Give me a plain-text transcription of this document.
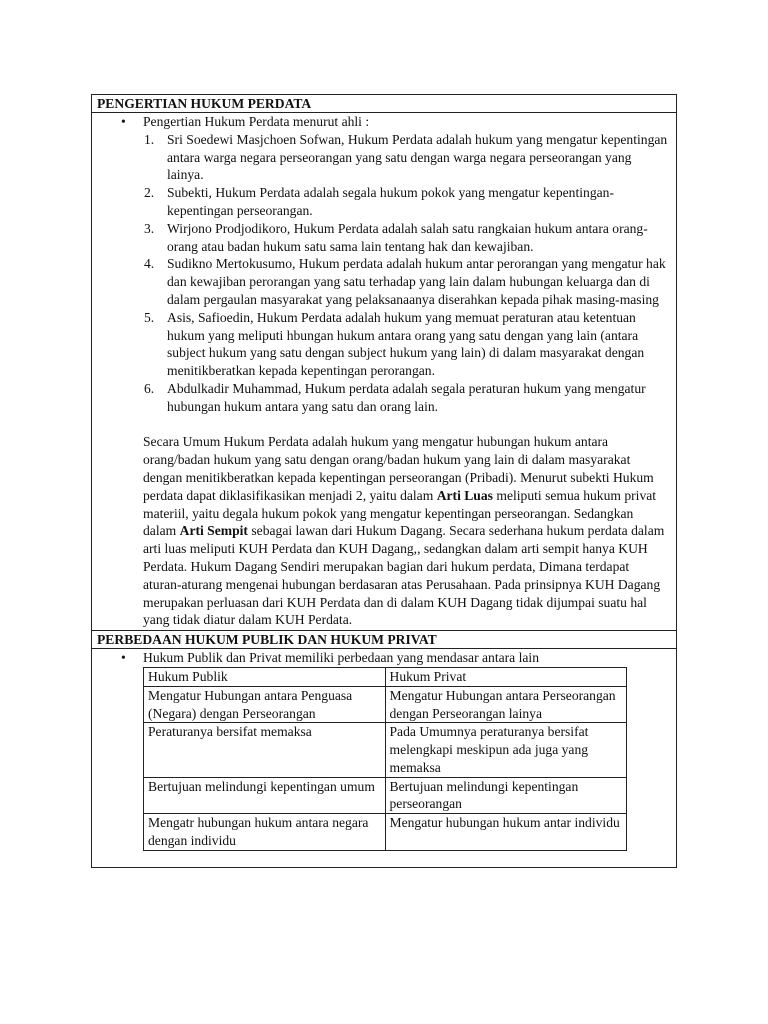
PENGERTIAN HUKUM PERDATA
• Pengertian Hukum Perdata menurut ahli :
1. Sri Soedewi Masjchoen Sofwan, Hukum Perdata adalah hukum yang mengatur kepentingan antara warga negara perseorangan yang satu dengan warga negara perseorangan yang lainya.
2. Subekti, Hukum Perdata adalah segala hukum pokok yang mengatur kepentingan-kepentingan perseorangan.
3. Wirjono Prodjodikoro, Hukum Perdata adalah salah satu rangkaian hukum antara orang-orang atau badan hukum satu sama lain tentang hak dan kewajiban.
4. Sudikno Mertokusumo, Hukum perdata adalah hukum antar perorangan yang mengatur hak dan kewajiban perorangan yang satu terhadap yang lain dalam hubungan keluarga dan di dalam pergaulan masyarakat yang pelaksanaanya diserahkan kepada pihak masing-masing
5. Asis, Safioedin, Hukum Perdata adalah hukum yang memuat peraturan atau ketentuan hukum yang meliputi hbungan hukum antara orang yang satu dengan yang lain (antara subject hukum yang satu dengan subject hukum yang lain) di dalam masyarakat dengan menitikberatkan kepada kepentingan perorangan.
6. Abdulkadir Muhammad, Hukum perdata adalah segala peraturan hukum yang mengatur hubungan hukum antara yang satu dan orang lain.
Secara Umum Hukum Perdata adalah hukum yang mengatur hubungan hukum antara orang/badan hukum yang satu dengan orang/badan hukum yang lain di dalam masyarakat dengan menitikberatkan kepada kepentingan perseorangan (Pribadi). Menurut subekti Hukum perdata dapat diklasifikasikan menjadi 2, yaitu dalam Arti Luas meliputi semua hukum privat materiil, yaitu degala hukum pokok yang mengatur kepentingan perseorangan. Sedangkan dalam Arti Sempit sebagai lawan dari Hukum Dagang. Secara sederhana hukum perdata dalam arti luas meliputi KUH Perdata dan KUH Dagang,, sedangkan dalam arti sempit hanya KUH Perdata. Hukum Dagang Sendiri merupakan bagian dari hukum perdata, Dimana terdapat aturan-aturang mengenai hubungan berdasaran atas Perusahaan. Pada prinsipnya KUH Dagang merupakan perluasan dari KUH Perdata dan di dalam KUH Dagang tidak dijumpai suatu hal yang tidak diatur dalam KUH Perdata.
PERBEDAAN HUKUM PUBLIK DAN HUKUM PRIVAT
• Hukum Publik dan Privat memiliki perbedaan yang mendasar antara lain
Hukum Publik	Hukum Privat
Mengatur Hubungan antara Penguasa (Negara) dengan Perseorangan	Mengatur Hubungan antara Perseorangan dengan Perseorangan lainya
Peraturanya bersifat memaksa	Pada Umumnya peraturanya bersifat melengkapi meskipun ada juga yang memaksa
Bertujuan melindungi kepentingan umum	Bertujuan melindungi kepentingan perseorangan
Mengatr hubungan hukum antara negara dengan individu	Mengatur hubungan hukum antar individu
